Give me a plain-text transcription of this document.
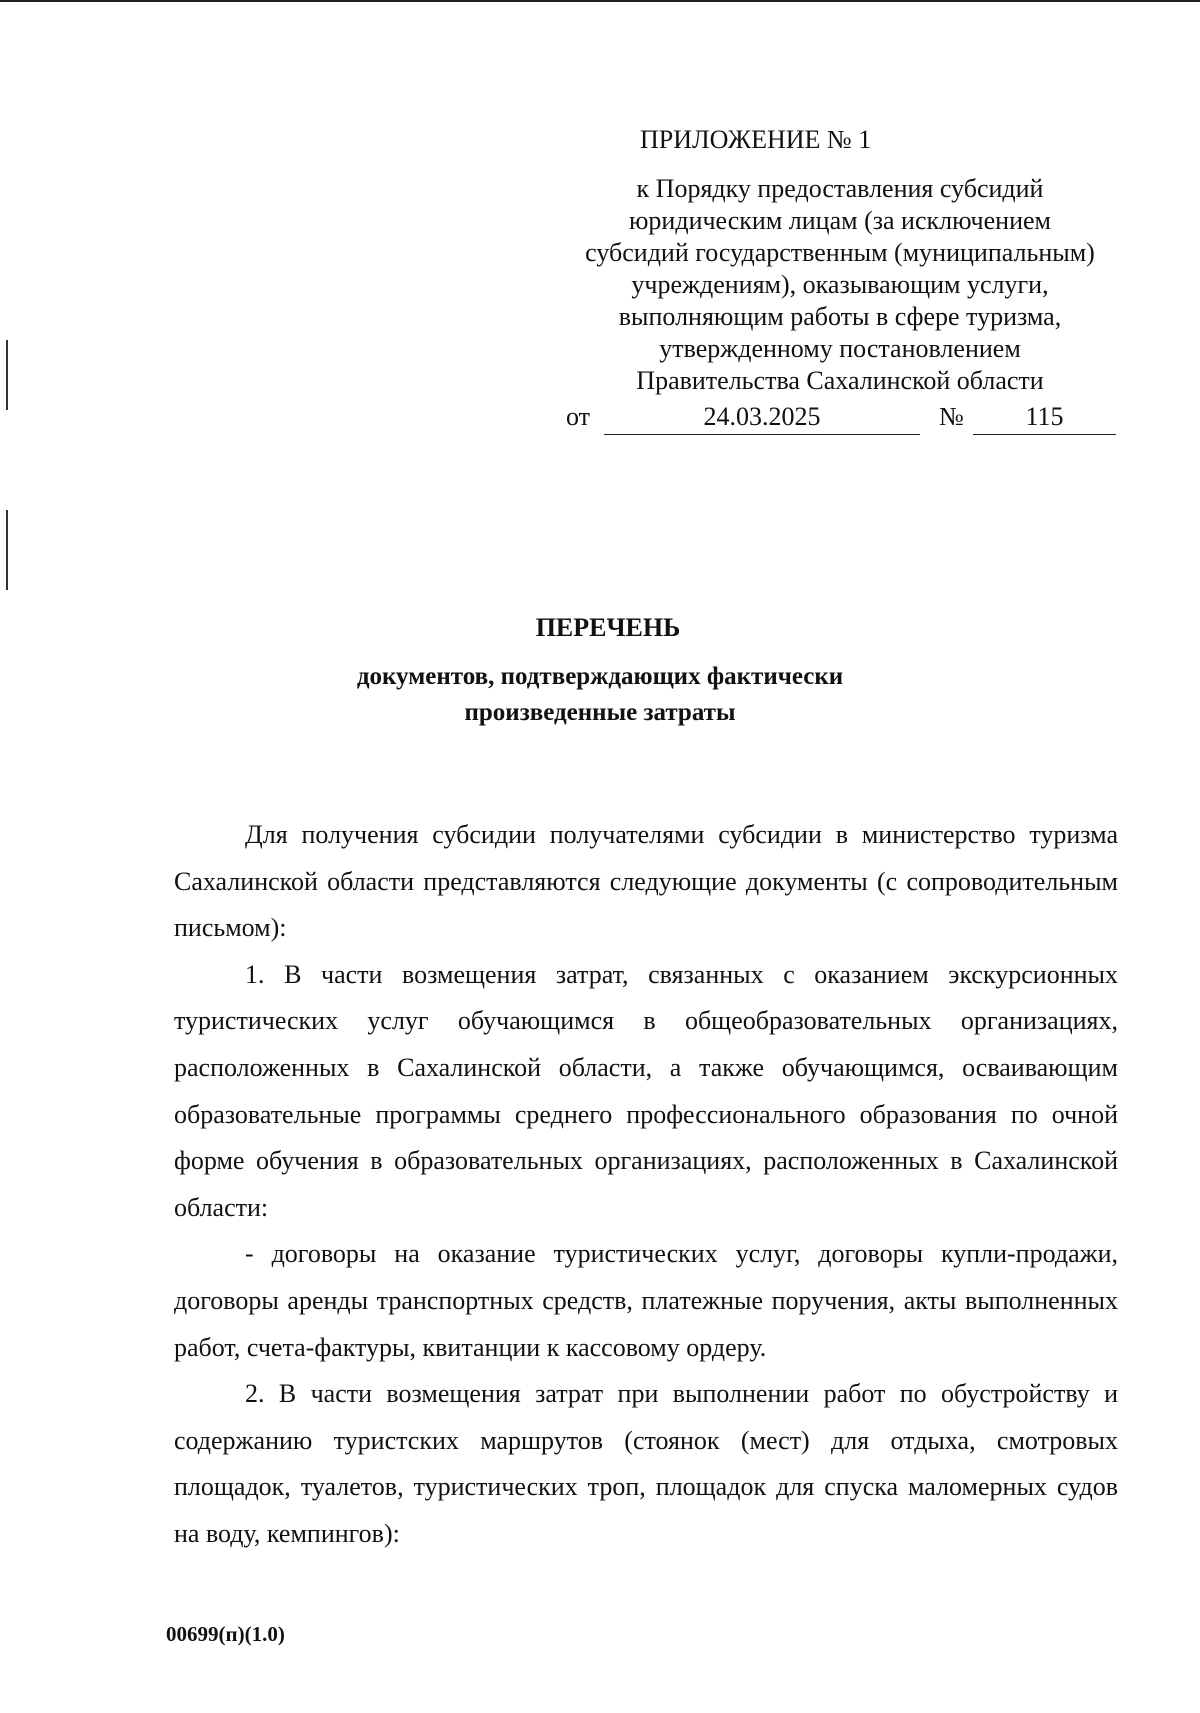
ПРИЛОЖЕНИЕ № 1
к Порядку предоставления субсидий
юридическим лицам (за исключением
субсидий государственным (муниципальным)
учреждениям), оказывающим услуги,
выполняющим работы в сфере туризма,
утвержденному постановлением
Правительства Сахалинской области
от	24.03.2025	№	115
ПЕРЕЧЕНЬ
документов, подтверждающих фактически
произведенные затраты

Для получения субсидии получателями субсидии в министерство туризма Сахалинской области представляются следующие документы (с сопроводительным письмом):

1. В части возмещения затрат, связанных с оказанием экскурсионных туристических услуг обучающимся в общеобразовательных организациях, расположенных в Сахалинской области, а также обучающимся, осваивающим образовательные программы среднего профессионального образования по очной форме обучения в образовательных организациях, расположенных в Сахалинской области:

- договоры на оказание туристических услуг, договоры купли-продажи, договоры аренды транспортных средств, платежные поручения, акты выполненных работ, счета-фактуры, квитанции к кассовому ордеру.

2. В части возмещения затрат при выполнении работ по обустройству и содержанию туристских маршрутов (стоянок (мест) для отдыха, смотровых площадок, туалетов, туристических троп, площадок для спуска маломерных судов на воду, кемпингов):

00699(п)(1.0)
